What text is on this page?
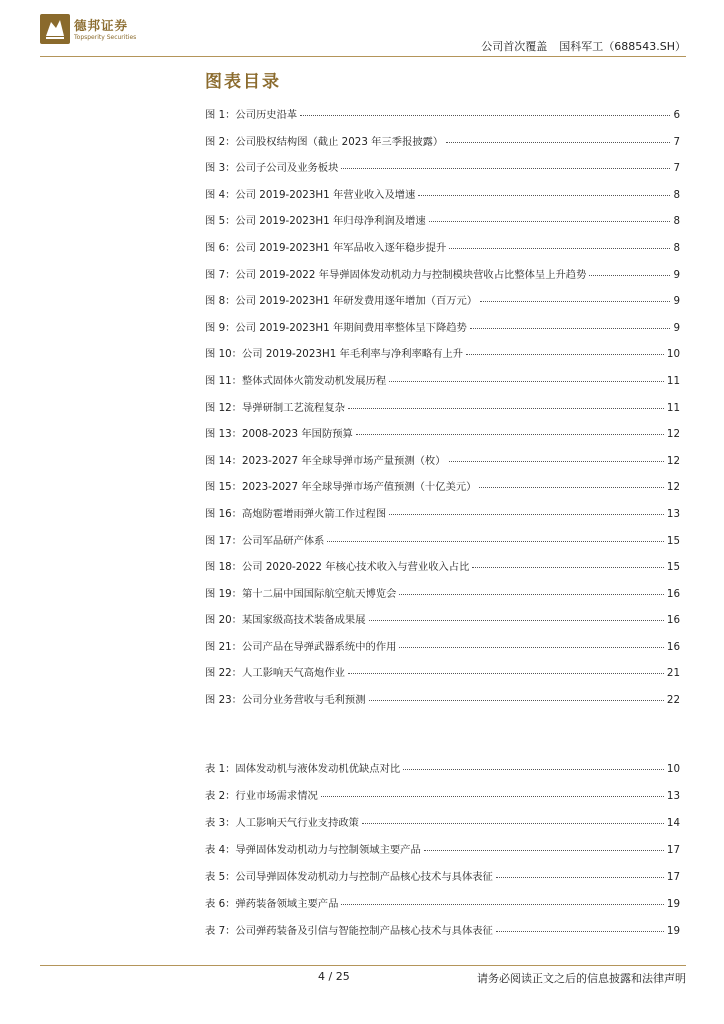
德邦证券
Topsperity Securities
公司首次覆盖 国科军工（688543.SH）
图表目录
图 1：公司历史沿革	6
图 2：公司股权结构图（截止 2023 年三季报披露）	7
图 3：公司子公司及业务板块	7
图 4：公司 2019-2023H1 年营业收入及增速	8
图 5：公司 2019-2023H1 年归母净利润及增速	8
图 6：公司 2019-2023H1 年军品收入逐年稳步提升	8
图 7：公司 2019-2022 年导弹固体发动机动力与控制模块营收占比整体呈上升趋势	9
图 8：公司 2019-2023H1 年研发费用逐年增加（百万元）	9
图 9：公司 2019-2023H1 年期间费用率整体呈下降趋势	9
图 10：公司 2019-2023H1 年毛利率与净利率略有上升	10
图 11：整体式固体火箭发动机发展历程	11
图 12：导弹研制工艺流程复杂	11
图 13：2008-2023 年国防预算	12
图 14：2023-2027 年全球导弹市场产量预测（枚）	12
图 15：2023-2027 年全球导弹市场产值预测（十亿美元）	12
图 16：高炮防雹增雨弹火箭工作过程图	13
图 17：公司军品研产体系	15
图 18：公司 2020-2022 年核心技术收入与营业收入占比	15
图 19：第十二届中国国际航空航天博览会	16
图 20：某国家级高技术装备成果展	16
图 21：公司产品在导弹武器系统中的作用	16
图 22：人工影响天气高炮作业	21
图 23：公司分业务营收与毛利预测	22
表 1：固体发动机与液体发动机优缺点对比	10
表 2：行业市场需求情况	13
表 3：人工影响天气行业支持政策	14
表 4：导弹固体发动机动力与控制领域主要产品	17
表 5：公司导弹固体发动机动力与控制产品核心技术与具体表征	17
表 6：弹药装备领域主要产品	19
表 7：公司弹药装备及引信与智能控制产品核心技术与具体表征	19
4 / 25	请务必阅读正文之后的信息披露和法律声明
